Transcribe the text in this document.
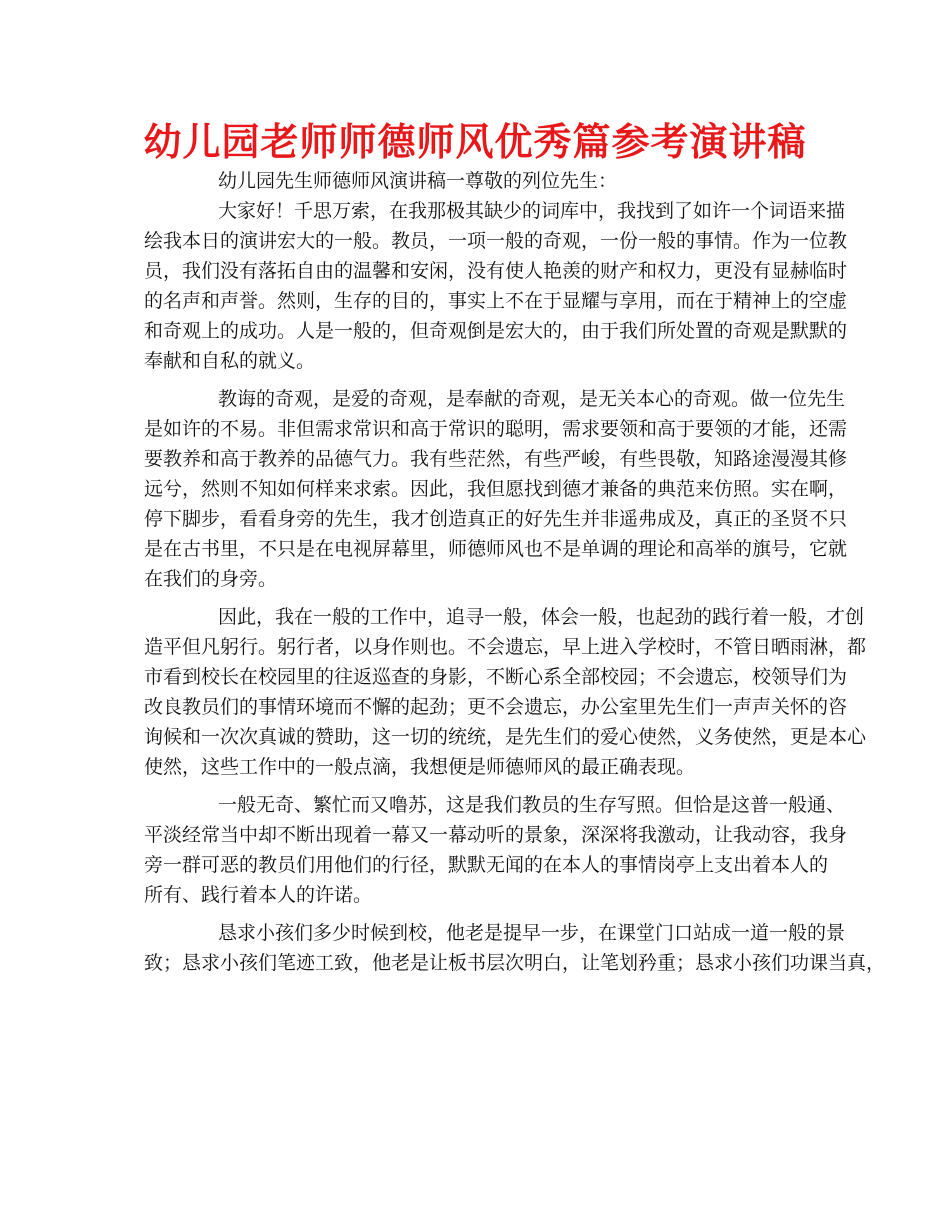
幼儿园老师师德师风优秀篇参考演讲稿
幼儿园先生师德师风演讲稿一尊敬的列位先生：
大家好！千思万索，在我那极其缺少的词库中，我找到了如许一个词语来描
绘我本日的演讲宏大的一般。教员，一项一般的奇观，一份一般的事情。作为一位教
员，我们没有落拓自由的温馨和安闲，没有使人艳羡的财产和权力，更没有显赫临时
的名声和声誉。然则，生存的目的，事实上不在于显耀与享用，而在于精神上的空虚
和奇观上的成功。人是一般的，但奇观倒是宏大的，由于我们所处置的奇观是默默的
奉献和自私的就义。
教诲的奇观，是爱的奇观，是奉献的奇观，是无关本心的奇观。做一位先生
是如许的不易。非但需求常识和高于常识的聪明，需求要领和高于要领的才能，还需
要教养和高于教养的品德气力。我有些茫然，有些严峻，有些畏敬，知路途漫漫其修
远兮，然则不知如何样来求索。因此，我但愿找到德才兼备的典范来仿照。实在啊，
停下脚步，看看身旁的先生，我才创造真正的好先生并非遥弗成及，真正的圣贤不只
是在古书里，不只是在电视屏幕里，师德师风也不是单调的理论和高举的旗号，它就
在我们的身旁。
因此，我在一般的工作中，追寻一般，体会一般，也起劲的践行着一般，才创
造平但凡躬行。躬行者，以身作则也。不会遗忘，早上进入学校时，不管日晒雨淋，都
市看到校长在校园里的往返巡查的身影，不断心系全部校园；不会遗忘，校领导们为
改良教员们的事情环境而不懈的起劲；更不会遗忘，办公室里先生们一声声关怀的咨
询候和一次次真诚的赞助，这一切的统统，是先生们的爱心使然，义务使然，更是本心
使然，这些工作中的一般点滴，我想便是师德师风的最正确表现。
一般无奇、繁忙而又噜苏，这是我们教员的生存写照。但恰是这普一般通、
平淡经常当中却不断出现着一幕又一幕动听的景象，深深将我激动，让我动容，我身
旁一群可恶的教员们用他们的行径，默默无闻的在本人的事情岗亭上支出着本人的
所有、践行着本人的许诺。
恳求小孩们多少时候到校，他老是提早一步，在课堂门口站成一道一般的景
致；恳求小孩们笔迹工致，他老是让板书层次明白，让笔划矜重；恳求小孩们功课当真，
